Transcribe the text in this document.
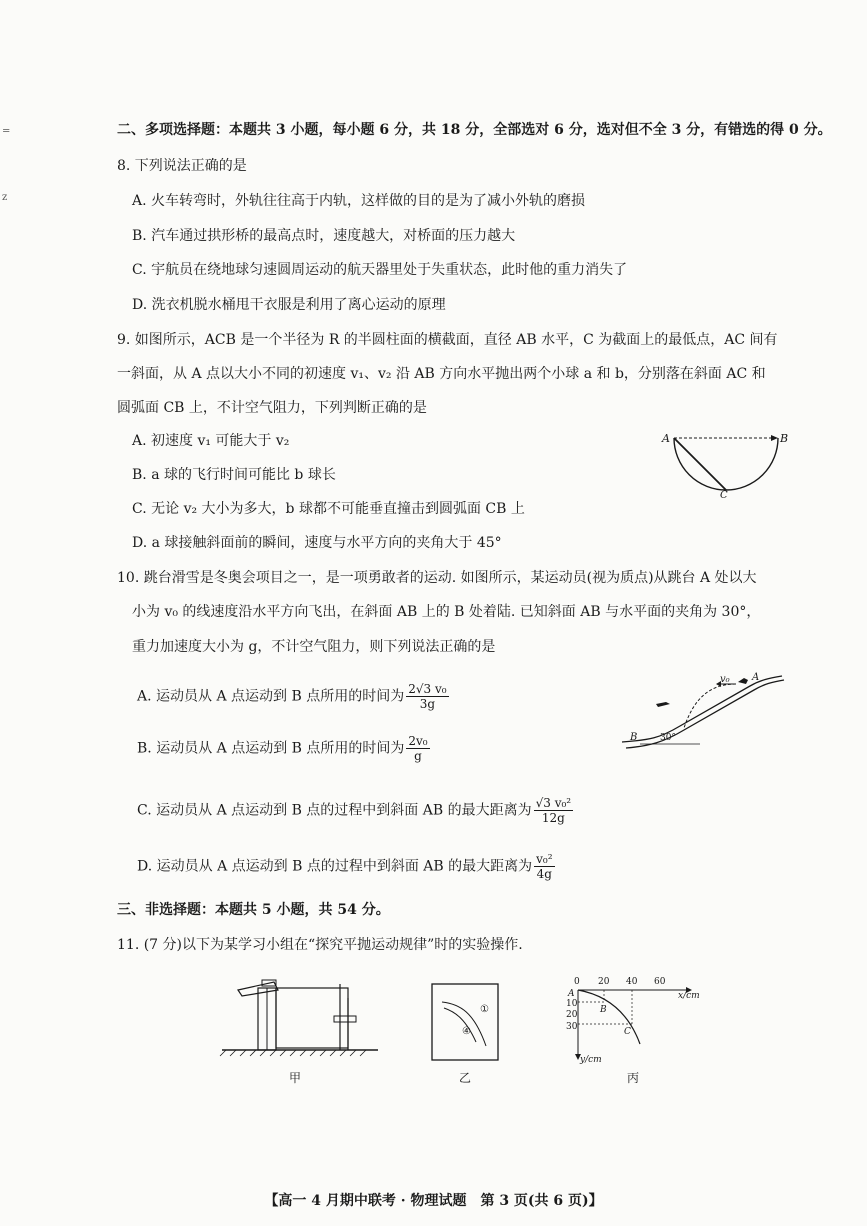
=
z
二、多项选择题：本题共 3 小题，每小题 6 分，共 18 分，全部选对 6 分，选对但不全 3 分，有错选的得 0 分。
8. 下列说法正确的是
A. 火车转弯时，外轨往往高于内轨，这样做的目的是为了减小外轨的磨损
B. 汽车通过拱形桥的最高点时，速度越大，对桥面的压力越大
C. 宇航员在绕地球匀速圆周运动的航天器里处于失重状态，此时他的重力消失了
D. 洗衣机脱水桶甩干衣服是利用了离心运动的原理
9. 如图所示，ACB 是一个半径为 R 的半圆柱面的横截面，直径 AB 水平，C 为截面上的最低点，AC 间有
一斜面，从 A 点以大小不同的初速度 v₁、v₂ 沿 AB 方向水平抛出两个小球 a 和 b，分别落在斜面 AC 和
圆弧面 CB 上，不计空气阻力，下列判断正确的是
A. 初速度 v₁ 可能大于 v₂
B. a 球的飞行时间可能比 b 球长
C. 无论 v₂ 大小为多大，b 球都不可能垂直撞击到圆弧面 CB 上
D. a 球接触斜面前的瞬间，速度与水平方向的夹角大于 45°
A	B
C
10. 跳台滑雪是冬奥会项目之一，是一项勇敢者的运动. 如图所示，某运动员(视为质点)从跳台 A 处以大
小为 v₀ 的线速度沿水平方向飞出，在斜面 AB 上的 B 处着陆. 已知斜面 AB 与水平面的夹角为 30°，
重力加速度大小为 g，不计空气阻力，则下列说法正确的是
A. 运动员从 A 点运动到 B 点所用的时间为 $\frac{\text{2√3 v₀}}{3g}$
B. 运动员从 A 点运动到 B 点所用的时间为 $\frac{\text{2v₀}}{g}$
C. 运动员从 A 点运动到 B 点的过程中到斜面 AB 的最大距离为 $\frac{\text{√3 v₀²}}{12g}$
D. 运动员从 A 点运动到 B 点的过程中到斜面 AB 的最大距离为 $\frac{\text{v₀²}}{4g}$
v₀ A
B	30°
三、非选择题：本题共 5 小题，共 54 分。
11. (7 分)以下为某学习小组在“探究平抛运动规律”时的实验操作.
①
④
0 20 40 60
x/cm
y/cm
10
20
30
A
B
C
甲	乙	丙
【高一 4 月期中联考 · 物理试题　第 3 页(共 6 页)】
